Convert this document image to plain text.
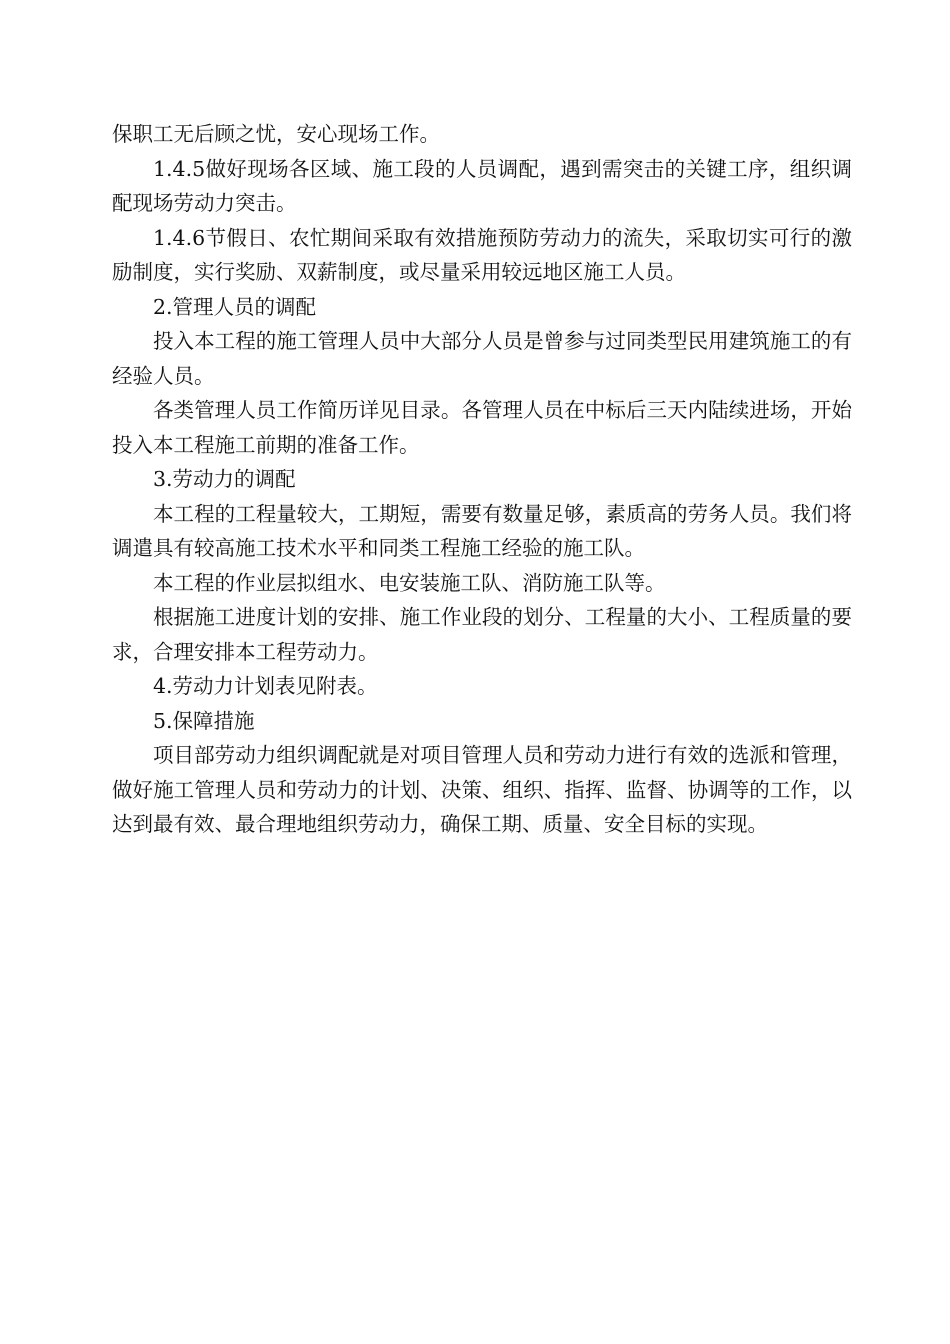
保职工无后顾之忧，安心现场工作。

1.4.5做好现场各区域、施工段的人员调配，遇到需突击的关键工序，组织调配现场劳动力突击。

1.4.6节假日、农忙期间采取有效措施预防劳动力的流失，采取切实可行的激励制度，实行奖励、双薪制度，或尽量采用较远地区施工人员。

2.管理人员的调配

投入本工程的施工管理人员中大部分人员是曾参与过同类型民用建筑施工的有经验人员。

各类管理人员工作简历详见目录。各管理人员在中标后三天内陆续进场，开始投入本工程施工前期的准备工作。

3.劳动力的调配

本工程的工程量较大，工期短，需要有数量足够，素质高的劳务人员。我们将调遣具有较高施工技术水平和同类工程施工经验的施工队。

本工程的作业层拟组水、电安装施工队、消防施工队等。

根据施工进度计划的安排、施工作业段的划分、工程量的大小、工程质量的要求，合理安排本工程劳动力。

4.劳动力计划表见附表。

5.保障措施

项目部劳动力组织调配就是对项目管理人员和劳动力进行有效的选派和管理，做好施工管理人员和劳动力的计划、决策、组织、指挥、监督、协调等的工作，以达到最有效、最合理地组织劳动力，确保工期、质量、安全目标的实现。
